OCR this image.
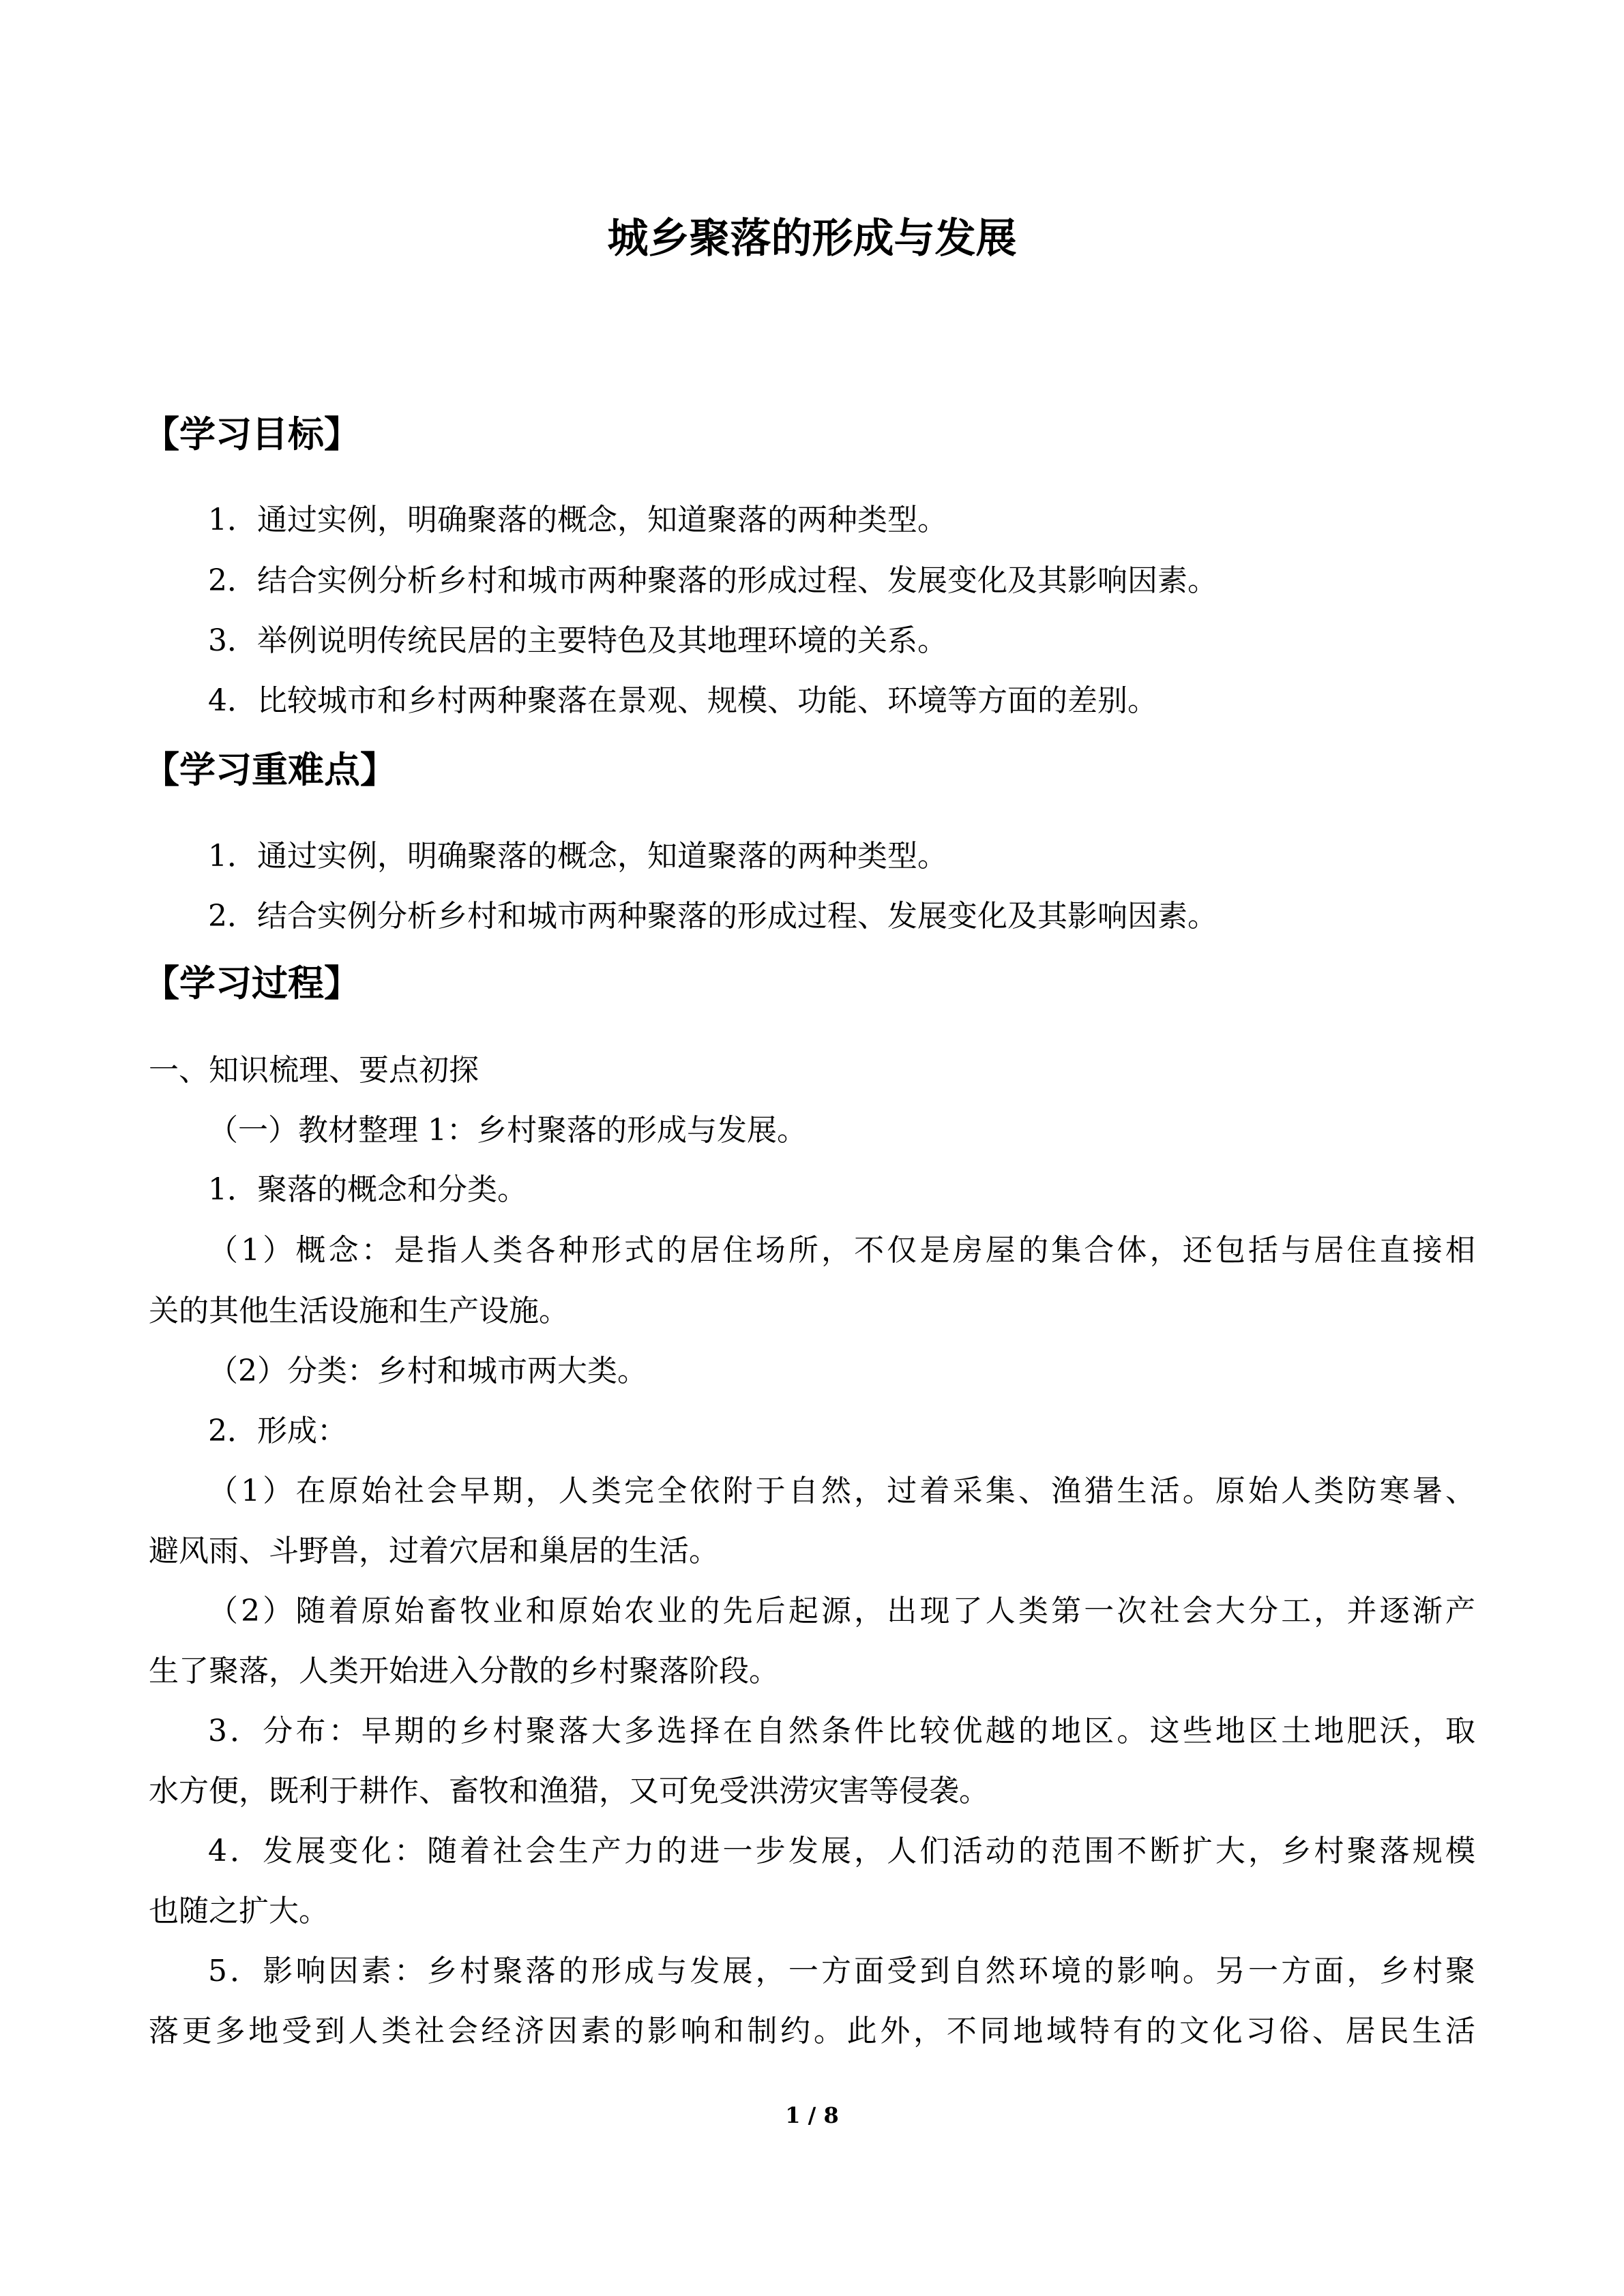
城乡聚落的形成与发展
【学习目标】
1．通过实例，明确聚落的概念，知道聚落的两种类型。
2．结合实例分析乡村和城市两种聚落的形成过程、发展变化及其影响因素。
3．举例说明传统民居的主要特色及其地理环境的关系。
4．比较城市和乡村两种聚落在景观、规模、功能、环境等方面的差别。
【学习重难点】
1．通过实例，明确聚落的概念，知道聚落的两种类型。
2．结合实例分析乡村和城市两种聚落的形成过程、发展变化及其影响因素。
【学习过程】
一、知识梳理、要点初探
（一）教材整理 1：乡村聚落的形成与发展。
1．聚落的概念和分类。
（1）概念：是指人类各种形式的居住场所，不仅是房屋的集合体，还包括与居住直接相
关的其他生活设施和生产设施。
（2）分类：乡村和城市两大类。
2．形成：
（1）在原始社会早期，人类完全依附于自然，过着采集、渔猎生活。原始人类防寒暑、
避风雨、斗野兽，过着穴居和巢居的生活。
（2）随着原始畜牧业和原始农业的先后起源，出现了人类第一次社会大分工，并逐渐产
生了聚落，人类开始进入分散的乡村聚落阶段。
3．分布：早期的乡村聚落大多选择在自然条件比较优越的地区。这些地区土地肥沃，取
水方便，既利于耕作、畜牧和渔猎，又可免受洪涝灾害等侵袭。
4．发展变化：随着社会生产力的进一步发展，人们活动的范围不断扩大，乡村聚落规模
也随之扩大。
5．影响因素：乡村聚落的形成与发展，一方面受到自然环境的影响。另一方面，乡村聚
落更多地受到人类社会经济因素的影响和制约。此外，不同地域特有的文化习俗、居民生活
1 / 8
